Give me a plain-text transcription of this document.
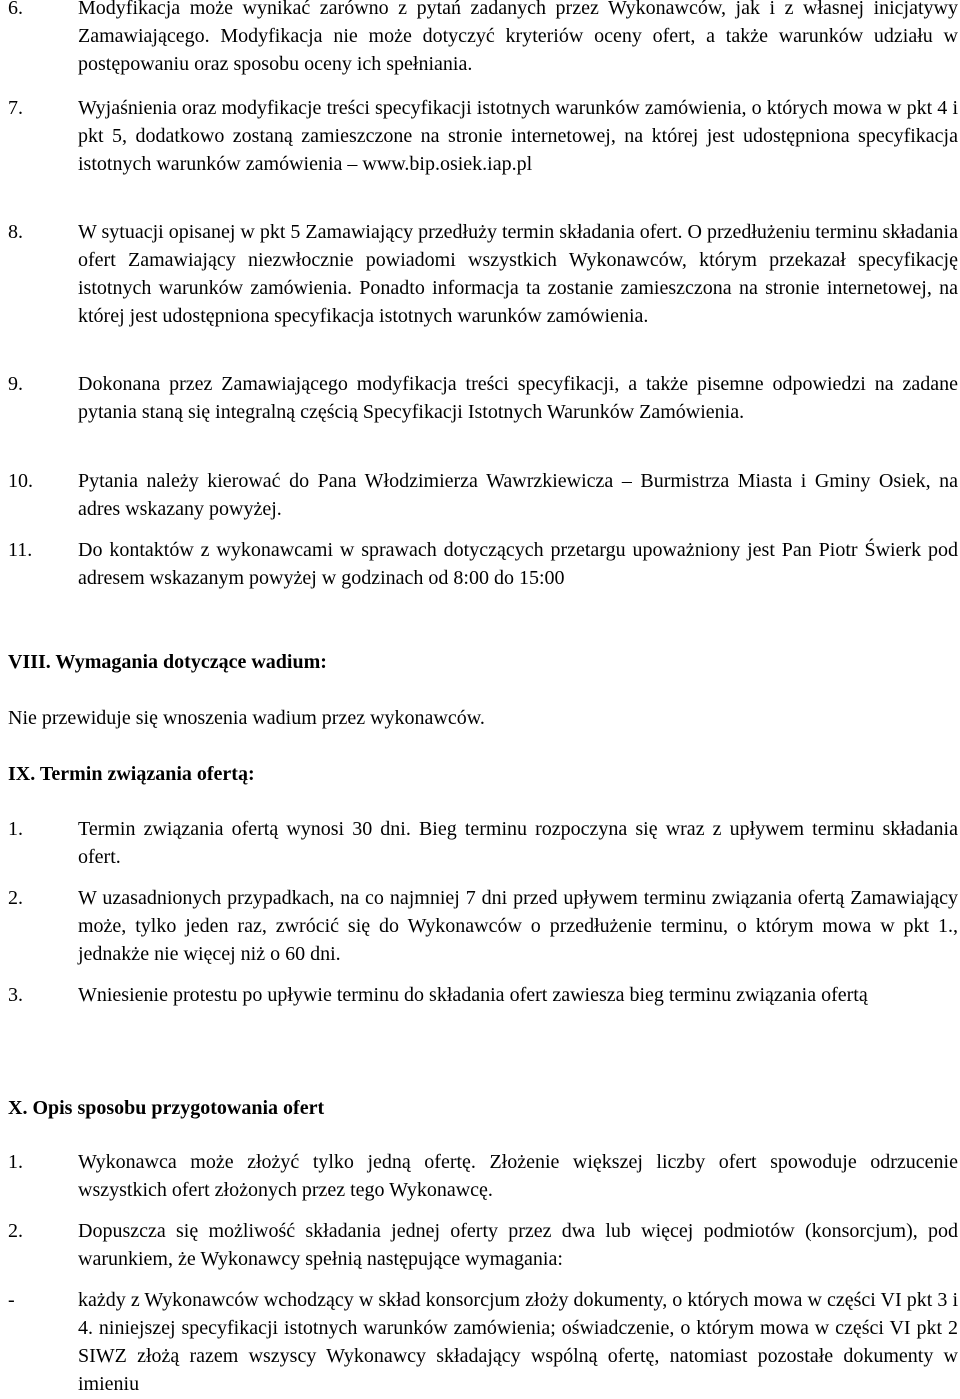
6.	Modyfikacja może wynikać zarówno z pytań zadanych przez Wykonawców, jak i z własnej inicjatywy Zamawiającego. Modyfikacja nie może dotyczyć kryteriów oceny ofert, a także warunków udziału w postępowaniu oraz sposobu oceny ich spełniania.
7.	Wyjaśnienia oraz modyfikacje treści specyfikacji istotnych warunków zamówienia, o których mowa w pkt 4 i pkt 5, dodatkowo zostaną zamieszczone na stronie internetowej, na której jest udostępniona specyfikacja istotnych warunków zamówienia – www.bip.osiek.iap.pl
8.	W sytuacji opisanej w pkt 5 Zamawiający przedłuży termin składania ofert. O przedłużeniu terminu składania ofert Zamawiający niezwłocznie powiadomi wszystkich Wykonawców, którym przekazał specyfikację istotnych warunków zamówienia. Ponadto informacja ta zostanie zamieszczona na stronie internetowej, na której jest udostępniona specyfikacja istotnych warunków zamówienia.
9.	Dokonana przez Zamawiającego modyfikacja treści specyfikacji, a także pisemne odpowiedzi na zadane pytania staną się integralną częścią Specyfikacji Istotnych Warunków Zamówienia.
10. Pytania należy kierować do Pana Włodzimierza Wawrzkiewicza – Burmistrza Miasta i Gminy Osiek, na adres wskazany powyżej.
11. Do kontaktów z wykonawcami w sprawach dotyczących przetargu upoważniony jest Pan Piotr Świerk pod adresem wskazanym powyżej w godzinach od 8:00 do 15:00
VIII. Wymagania dotyczące wadium:
Nie przewiduje się wnoszenia wadium przez wykonawców.
IX. Termin związania ofertą:
1.	Termin związania ofertą wynosi 30 dni. Bieg terminu rozpoczyna się wraz z upływem terminu składania ofert.
2.	W uzasadnionych przypadkach, na co najmniej 7 dni przed upływem terminu związania ofertą Zamawiający może, tylko jeden raz, zwrócić się do Wykonawców o przedłużenie terminu, o którym mowa w pkt 1., jednakże nie więcej niż o 60 dni.
3.	Wniesienie protestu po upływie terminu do składania ofert zawiesza bieg terminu związania ofertą
X. Opis sposobu przygotowania ofert
1.	Wykonawca może złożyć tylko jedną ofertę. Złożenie większej liczby ofert spowoduje odrzucenie wszystkich ofert złożonych przez tego Wykonawcę.
2.	Dopuszcza się możliwość składania jednej oferty przez dwa lub więcej podmiotów (konsorcjum), pod warunkiem, że Wykonawcy spełnią następujące wymagania:
-	każdy z Wykonawców wchodzący w skład konsorcjum złoży dokumenty, o których mowa w części VI pkt 3 i 4. niniejszej specyfikacji istotnych warunków zamówienia; oświadczenie, o którym mowa w części VI pkt 2 SIWZ złożą razem wszyscy Wykonawcy składający wspólną ofertę, natomiast pozostałe dokumenty w imieniu
